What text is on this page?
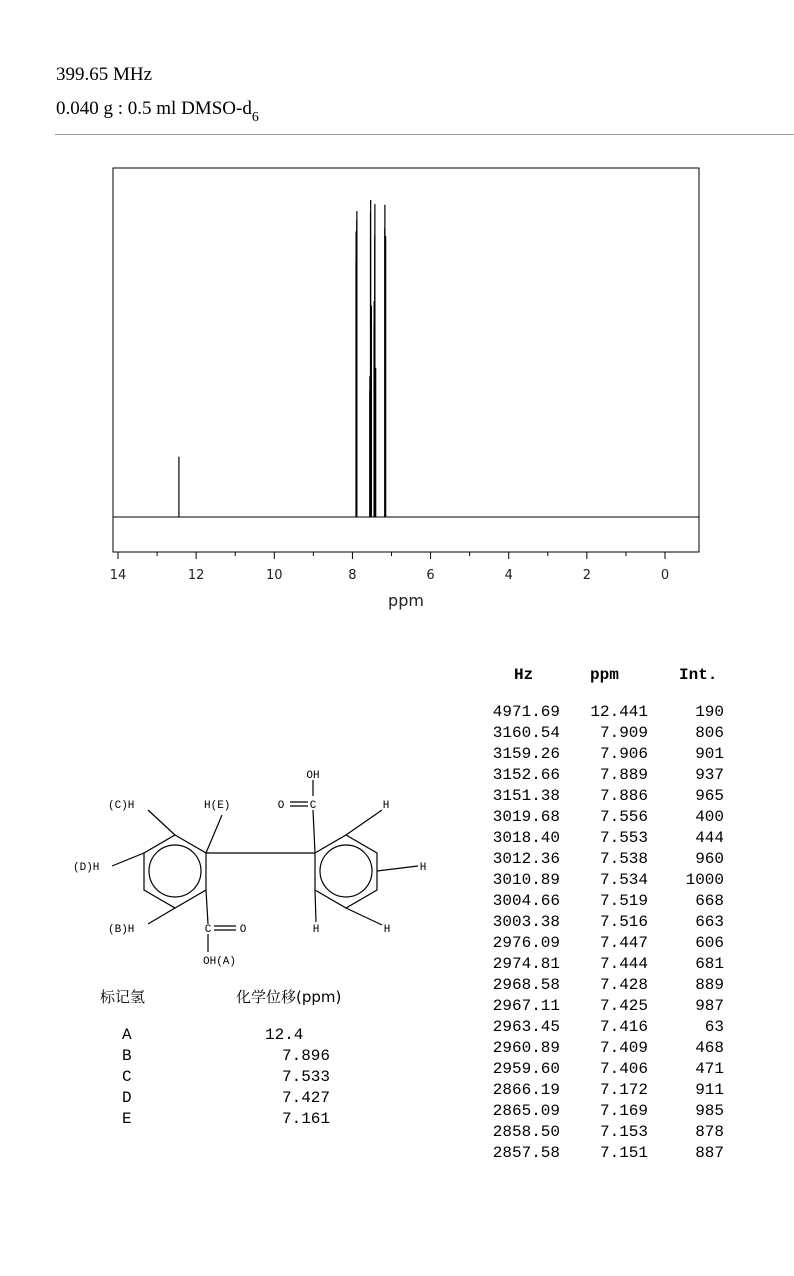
399.65 MHz
0.040 g : 0.5 ml DMSO-$d_6$
14	12	10	8	6	4	2	0
ppm
OH
C
O
(C)H	H(E)
(D)H
(B)H	C	O
OH(A)
H
H
H
H
Hz	ppm	Int.
4971.69	12.441	190
3160.54	7.909	806
3159.26	7.906	901
3152.66	7.889	937
3151.38	7.886	965
3019.68	7.556	400
3018.40	7.553	444
3012.36	7.538	960
3010.89	7.534	1000
3004.66	7.519	668
3003.38	7.516	663
2976.09	7.447	606
2974.81	7.444	681
2968.58	7.428	889
2967.11	7.425	987
2963.45	7.416	63
2960.89	7.409	468
2959.60	7.406	471
2866.19	7.172	911
2865.09	7.169	985
2858.50	7.153	878
2857.58	7.151	887
标记氢	化学位移(ppm)
A	12.4
B	7.896
C	7.533
D	7.427
E	7.161
